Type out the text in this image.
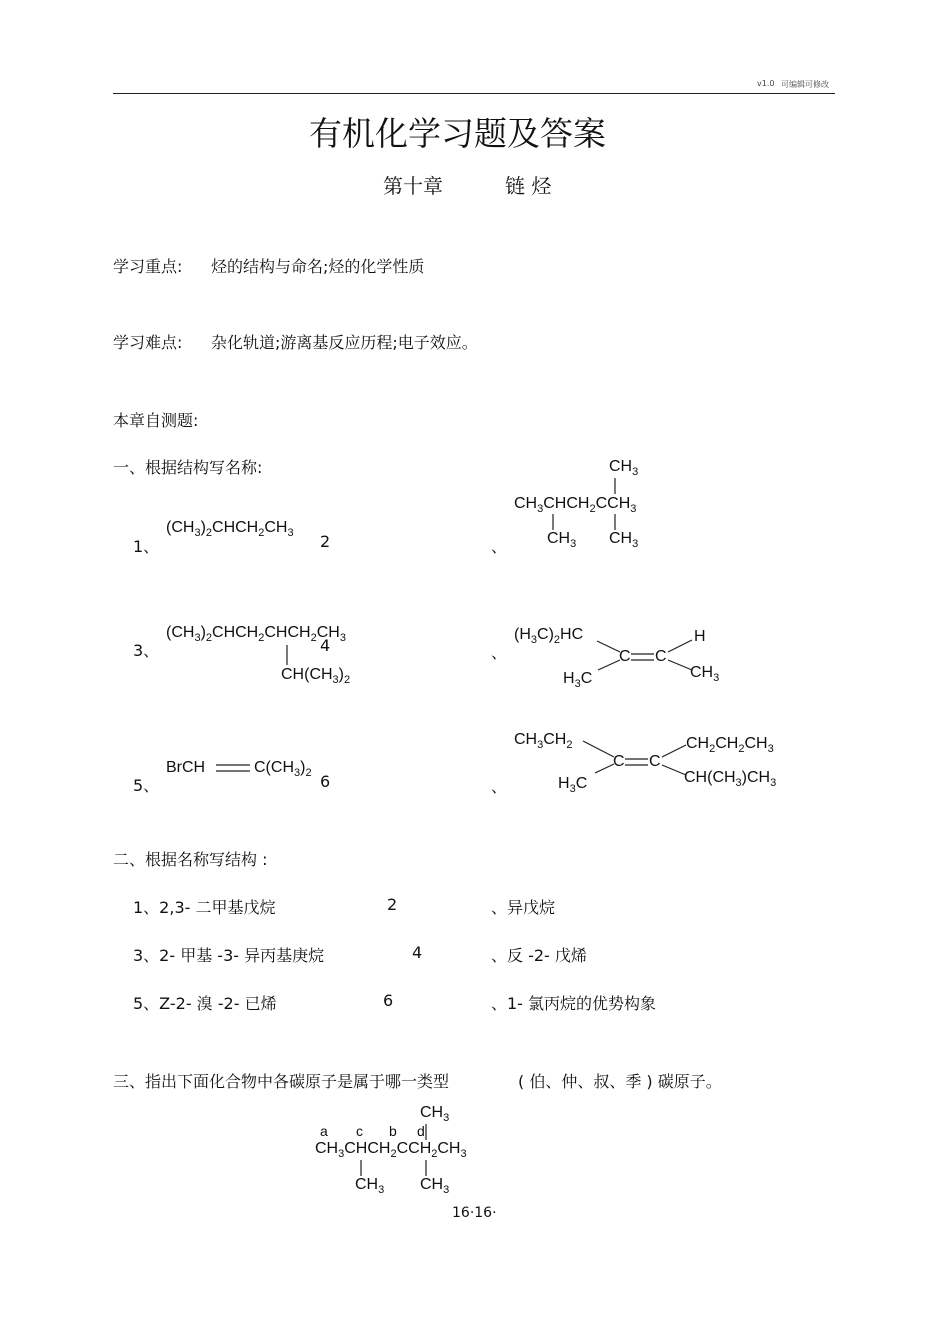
v1.0 可编辑可修改
有机化学习题及答案
第十章	链 烃
学习重点: 烃的结构与命名;烃的化学性质
学习难点: 杂化轨道;游离基反应历程;电子效应。
本章自测题:
一、根据结构写名称:
1、
$(CH_3)_2CHCH_2CH_3$ 2	、
$CH_3$
$CH_3CHCH_2CCH_3$
$CH_3$ $CH_3$
3、
$(CH_3)_2CHCH_2CHCH_2CH_3$
4
$CH(CH_3)_2$
、
$(H_3C)_2HC$	H
C C
$H_3C$	$CH_3$
5、
BrCH	$C(CH_3)_2$ 6	、
$CH_3CH_2$	$CH_2CH_2CH_3$
C C
$H_3C$	$CH(CH_3)CH_3$
二、根据名称写结构 :
1、2,3- 二甲基戊烷	2	、异戊烷
3、2- 甲基 -3- 异丙基庚烷	4	、反 -2- 戊烯
5、Z-2- 溴 -2- 已烯	6	、1- 氯丙烷的优势构象
三、指出下面化合物中各碳原子是属于哪一类型	( 伯、仲、叔、季 ) 碳原子。
$CH_3$
a c b d
$CH_3CHCH_2CCH_2CH_3$
$CH_3$ $CH_3$
16·16·
